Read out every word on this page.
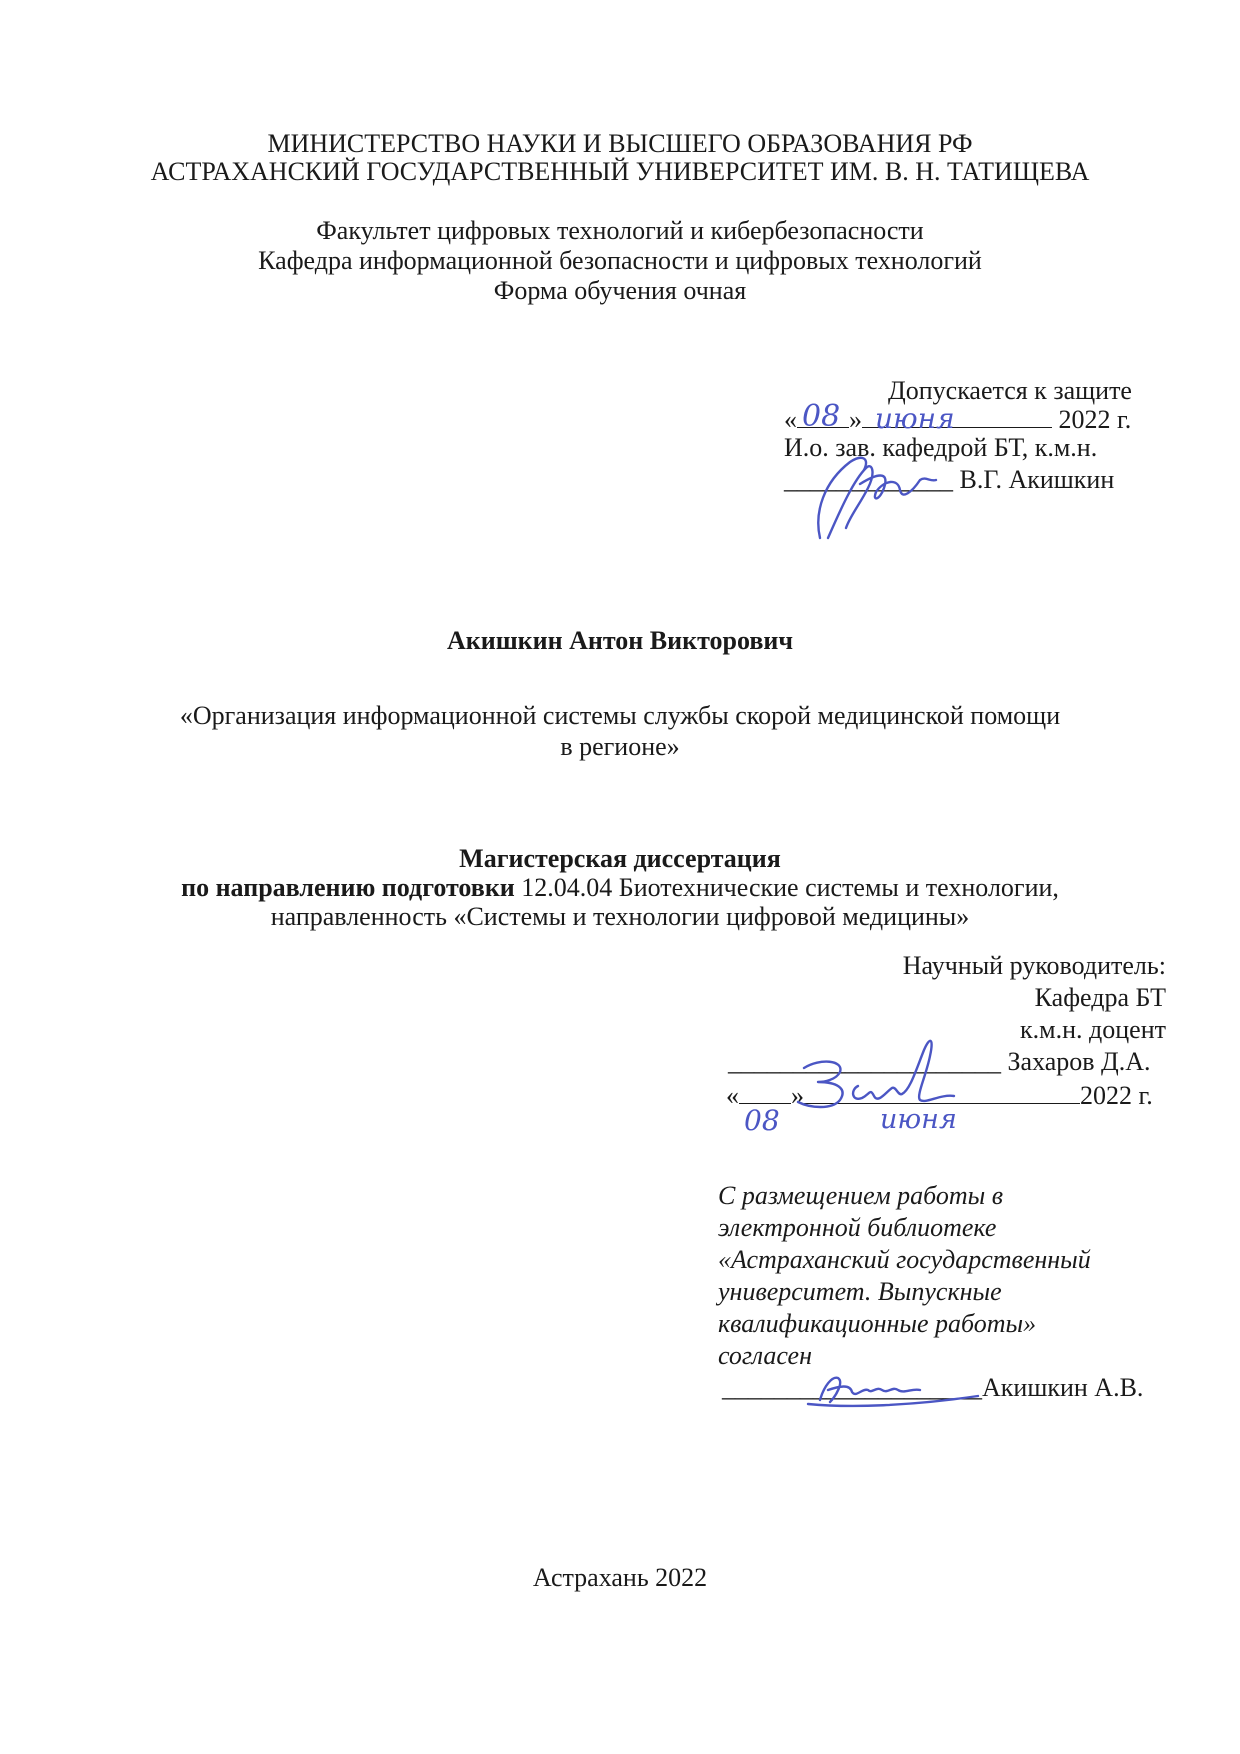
МИНИСТЕРСТВО НАУКИ И ВЫСШЕГО ОБРАЗОВАНИЯ РФ
АСТРАХАНСКИЙ ГОСУДАРСТВЕННЫЙ УНИВЕРСИТЕТ ИМ. В. Н. ТАТИЩЕВА
Факультет цифровых технологий и кибербезопасности
Кафедра информационной безопасности и цифровых технологий
Форма обучения очная
Допускается к защите
« »	2022 г.
И.о. зав. кафедрой БТ, к.м.н.
_____________ В.Г. Акишкин
08 июня
Акишкин Антон Викторович
«Организация информационной системы службы скорой медицинской помощи
в регионе»
Магистерская диссертация
по направлению подготовки 12.04.04 Биотехнические системы и технологии,
направленность «Системы и технологии цифровой медицины»
Научный руководитель:
Кафедра БТ
к.м.н. доцент
_____________________ Захаров Д.А.
« »	2022 г.
08	июня
С размещением работы в
электронной библиотеке
«Астраханский государственный
университет. Выпускные
квалификационные работы»
согласен
____________________Акишкин А.В.
Астрахань 2022
